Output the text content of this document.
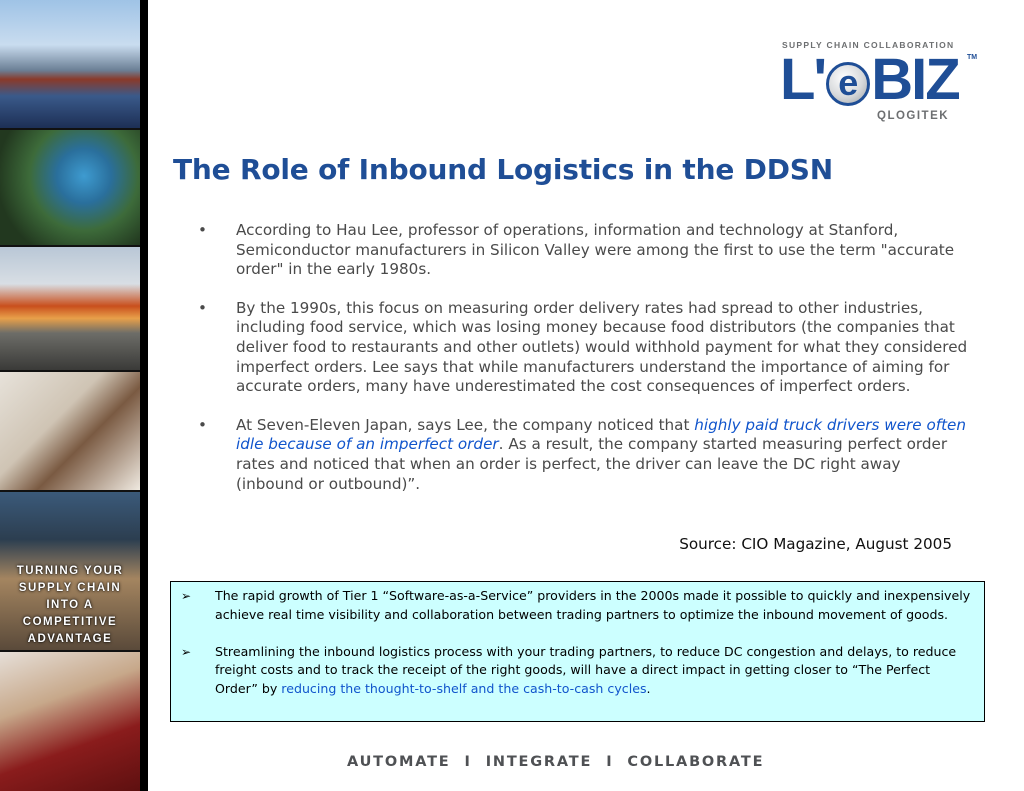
TURNING YOUR
SUPPLY CHAIN
INTO A
COMPETITIVE
ADVANTAGE
SUPPLY CHAIN COLLABORATION
L' e BIZ TM
QLOGITEK
The Role of Inbound Logistics in the DDSN
• According to Hau Lee, professor of operations, information and technology at Stanford, Semiconductor manufacturers in Silicon Valley were among the first to use the term "accurate order" in the early 1980s.
• By the 1990s, this focus on measuring order delivery rates had spread to other industries, including food service, which was losing money because food distributors (the companies that deliver food to restaurants and other outlets) would withhold payment for what they considered imperfect orders. Lee says that while manufacturers understand the importance of aiming for accurate orders, many have underestimated the cost consequences of imperfect orders.
• At Seven-Eleven Japan, says Lee, the company noticed that highly paid truck drivers were often idle because of an imperfect order. As a result, the company started measuring perfect order rates and noticed that when an order is perfect, the driver can leave the DC right away (inbound or outbound)”.
Source: CIO Magazine, August 2005
➢ The rapid growth of Tier 1 “Software-as-a-Service” providers in the 2000s made it possible to quickly and inexpensively achieve real time visibility and collaboration between trading partners to optimize the inbound movement of goods.
➢ Streamlining the inbound logistics process with your trading partners, to reduce DC congestion and delays, to reduce freight costs and to track the receipt of the right goods, will have a direct impact in getting closer to “The Perfect Order” by reducing the thought-to-shelf and the cash-to-cash cycles.
AUTOMATE I INTEGRATE I COLLABORATE
